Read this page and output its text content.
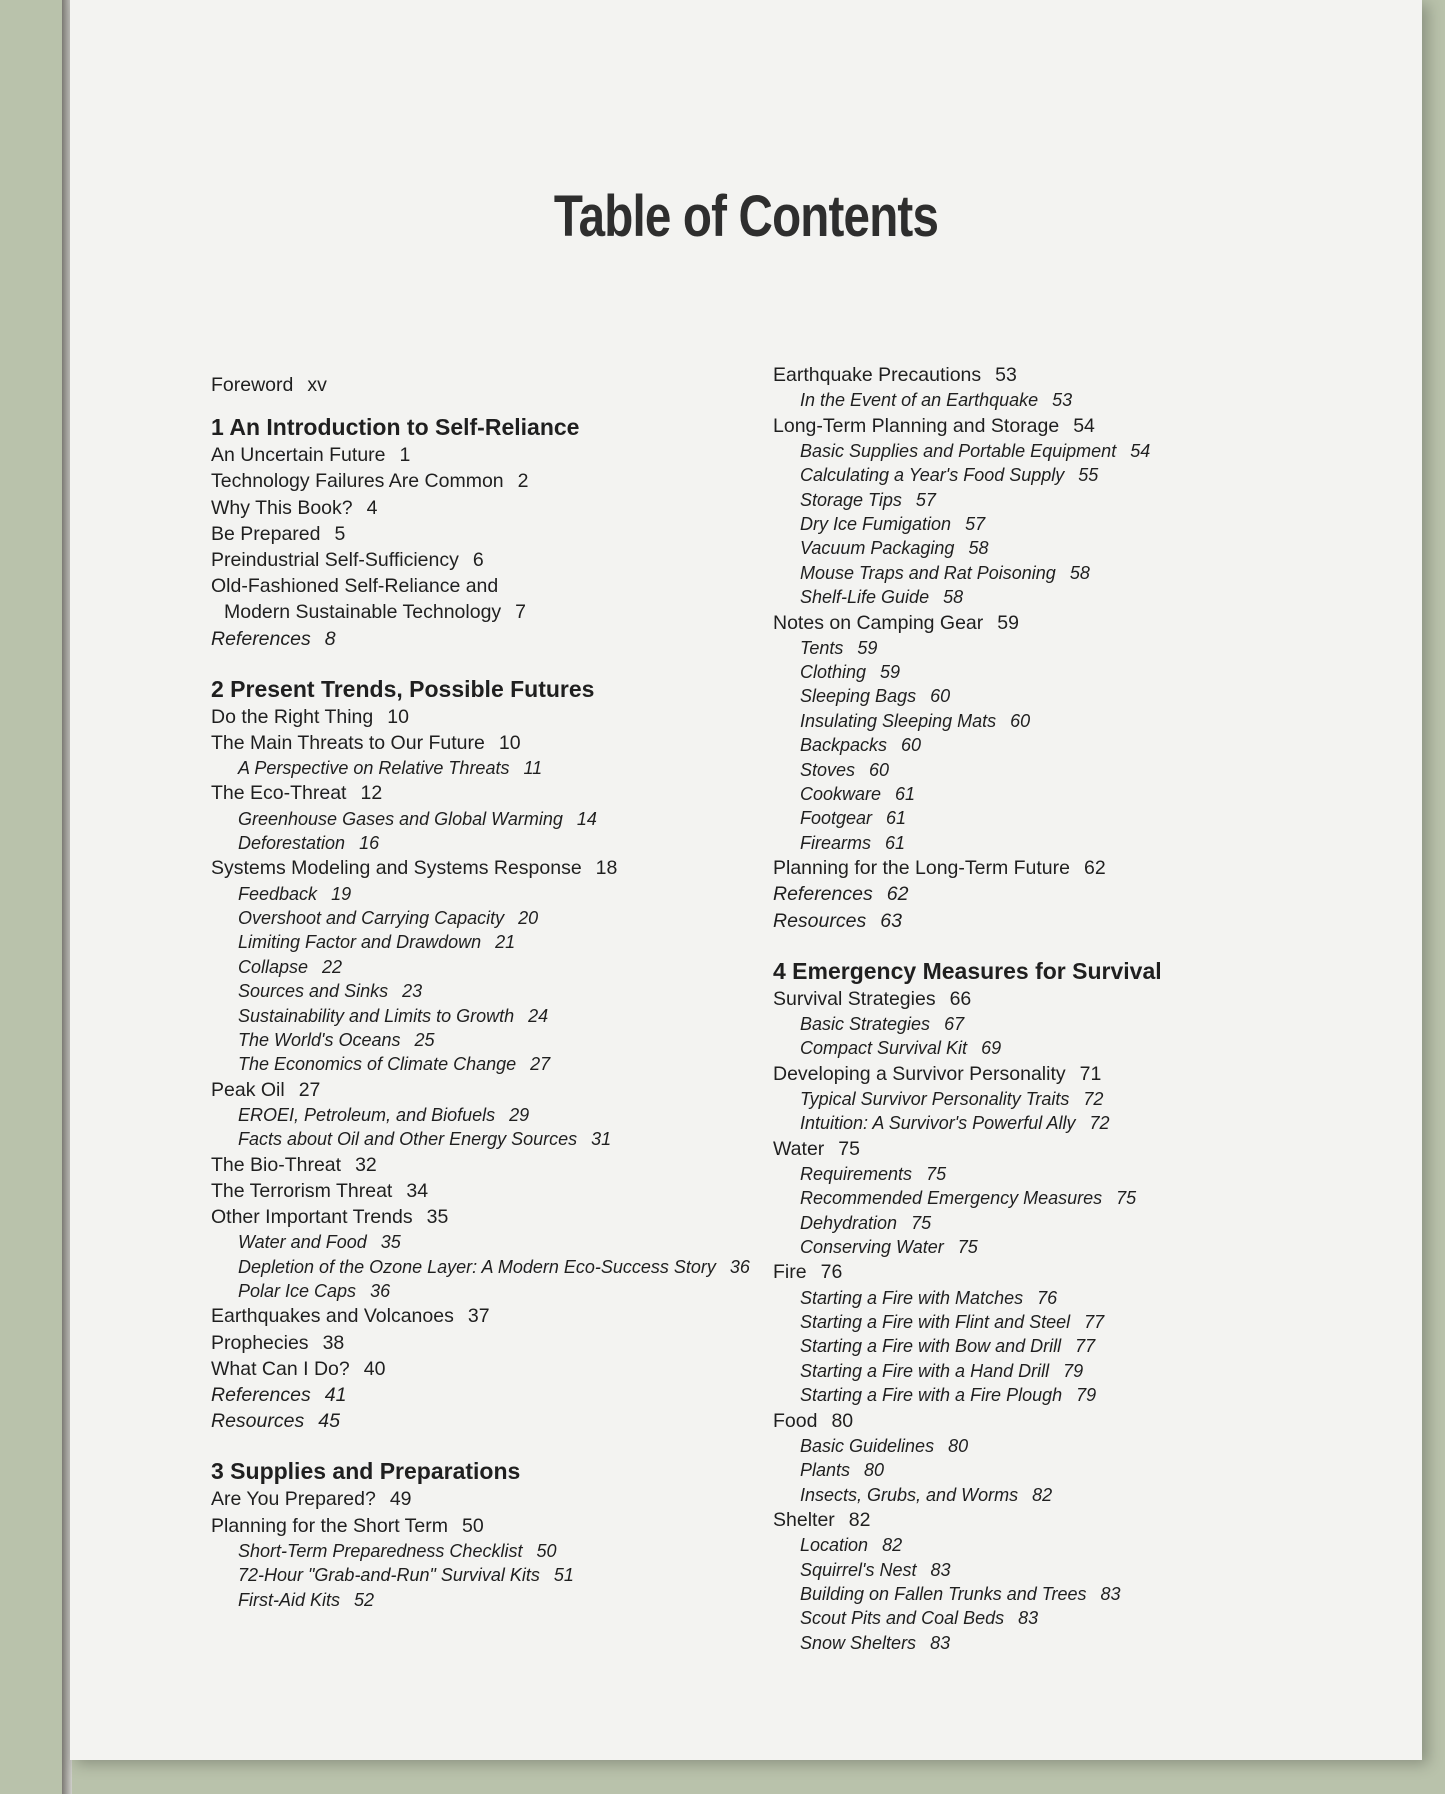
Table of Contents
Foreword xv
1 An Introduction to Self-Reliance
An Uncertain Future 1
Technology Failures Are Common 2
Why This Book? 4
Be Prepared 5
Preindustrial Self-Sufficiency 6
Old-Fashioned Self-Reliance and
Modern Sustainable Technology 7
References 8
2 Present Trends, Possible Futures
Do the Right Thing 10
The Main Threats to Our Future 10
A Perspective on Relative Threats 11
The Eco-Threat 12
Greenhouse Gases and Global Warming 14
Deforestation 16
Systems Modeling and Systems Response 18
Feedback 19
Overshoot and Carrying Capacity 20
Limiting Factor and Drawdown 21
Collapse 22
Sources and Sinks 23
Sustainability and Limits to Growth 24
The World's Oceans 25
The Economics of Climate Change 27
Peak Oil 27
EROEI, Petroleum, and Biofuels 29
Facts about Oil and Other Energy Sources 31
The Bio-Threat 32
The Terrorism Threat 34
Other Important Trends 35
Water and Food 35
Depletion of the Ozone Layer: A Modern Eco-Success Story 36
Polar Ice Caps 36
Earthquakes and Volcanoes 37
Prophecies 38
What Can I Do? 40
References 41
Resources 45
3 Supplies and Preparations
Are You Prepared? 49
Planning for the Short Term 50
Short-Term Preparedness Checklist 50
72-Hour "Grab-and-Run" Survival Kits 51
First-Aid Kits 52
Earthquake Precautions 53
In the Event of an Earthquake 53
Long-Term Planning and Storage 54
Basic Supplies and Portable Equipment 54
Calculating a Year's Food Supply 55
Storage Tips 57
Dry Ice Fumigation 57
Vacuum Packaging 58
Mouse Traps and Rat Poisoning 58
Shelf-Life Guide 58
Notes on Camping Gear 59
Tents 59
Clothing 59
Sleeping Bags 60
Insulating Sleeping Mats 60
Backpacks 60
Stoves 60
Cookware 61
Footgear 61
Firearms 61
Planning for the Long-Term Future 62
References 62
Resources 63
4 Emergency Measures for Survival
Survival Strategies 66
Basic Strategies 67
Compact Survival Kit 69
Developing a Survivor Personality 71
Typical Survivor Personality Traits 72
Intuition: A Survivor's Powerful Ally 72
Water 75
Requirements 75
Recommended Emergency Measures 75
Dehydration 75
Conserving Water 75
Fire 76
Starting a Fire with Matches 76
Starting a Fire with Flint and Steel 77
Starting a Fire with Bow and Drill 77
Starting a Fire with a Hand Drill 79
Starting a Fire with a Fire Plough 79
Food 80
Basic Guidelines 80
Plants 80
Insects, Grubs, and Worms 82
Shelter 82
Location 82
Squirrel's Nest 83
Building on Fallen Trunks and Trees 83
Scout Pits and Coal Beds 83
Snow Shelters 83
